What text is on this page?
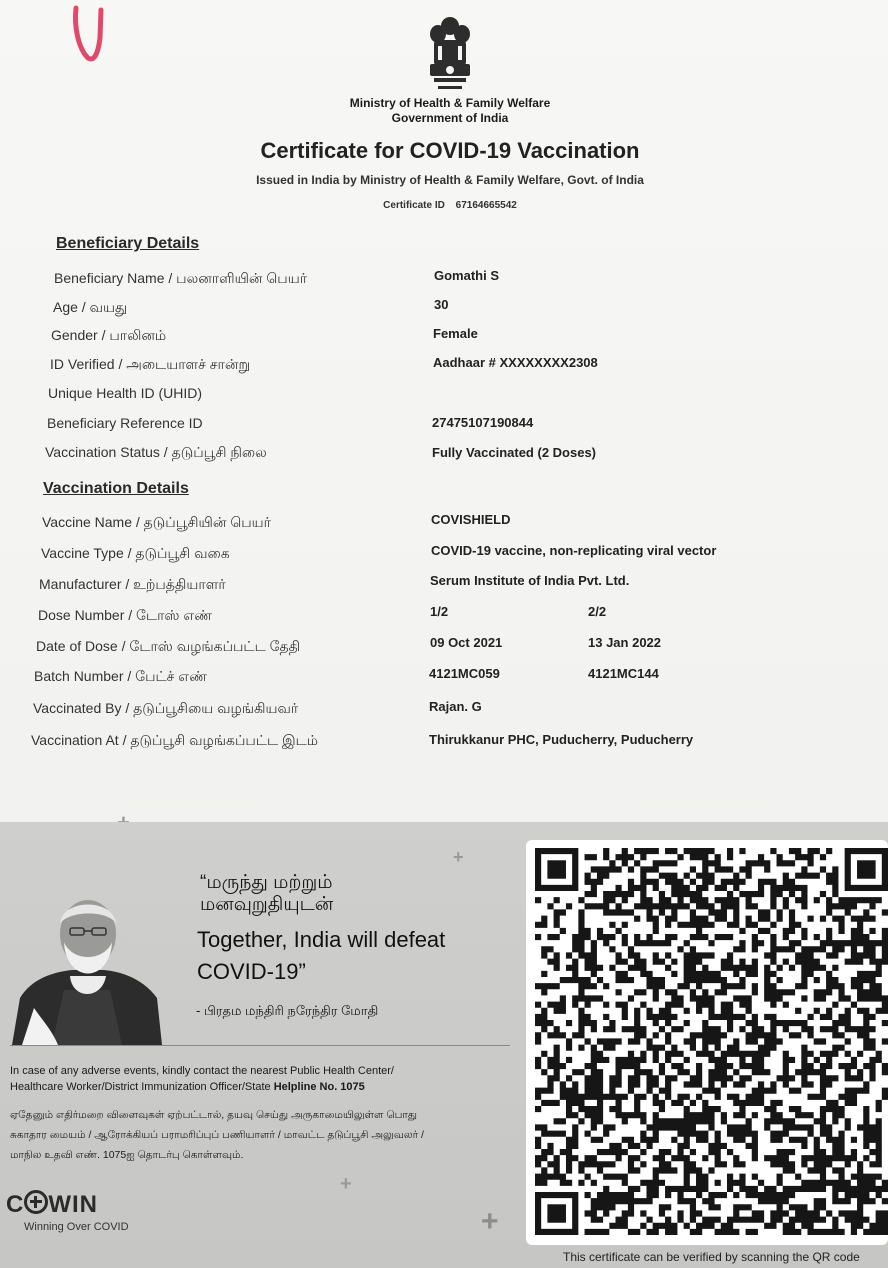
Ministry of Health & Family Welfare
Government of India
Certificate for COVID-19 Vaccination
Issued in India by Ministry of Health & Family Welfare, Govt. of India
Certificate ID 67164665542
Beneficiary Details
Beneficiary Name / பலனாளியின் பெயர்	Gomathi S
Age / வயது	30
Gender / பாலினம்	Female
ID Verified / அடையாளச் சான்று	Aadhaar # XXXXXXXX2308
Unique Health ID (UHID)
Beneficiary Reference ID	27475107190844
Vaccination Status / தடுப்பூசி நிலை	Fully Vaccinated (2 Doses)
Vaccination Details
Vaccine Name / தடுப்பூசியின் பெயர்	COVISHIELD
Vaccine Type / தடுப்பூசி வகை	COVID-19 vaccine, non-replicating viral vector
Manufacturer / உற்பத்தியாளர்	Serum Institute of India Pvt. Ltd.
Dose Number / டோஸ் எண்	1/2	2/2
Date of Dose / டோஸ் வழங்கப்பட்ட தேதி	09 Oct 2021	13 Jan 2022
Batch Number / பேட்ச் எண்	4121MC059	4121MC144
Vaccinated By / தடுப்பூசியை வழங்கியவர்	Rajan. G
Vaccination At / தடுப்பூசி வழங்கப்பட்ட இடம்	Thirukkanur PHC, Puducherry, Puducherry
+
+
+
“மருந்து மற்றும்
மனவுறுதியுடன்
Together, India will defeat
COVID-19”
- பிரதம மந்திரி நரேந்திர மோதி
In case of any adverse events, kindly contact the nearest Public Health Center/
Healthcare Worker/District Immunization Officer/State Helpline No. 1075
ஏதேனும் எதிர்மறை விளைவுகள் ஏற்பட்டால், தயவு செய்து அருகாமையிலுள்ள பொது
சுகாதார மையம் / ஆரோக்கியப் பராமரிப்புப் பணியாளர் / மாவட்ட தடுப்பூசி அலுவலர் /
மாநில உதவி எண். 1075ஐ தொடர்பு கொள்ளவும்.
C WIN
Winning Over COVID
This certificate can be verified by scanning the QR code
